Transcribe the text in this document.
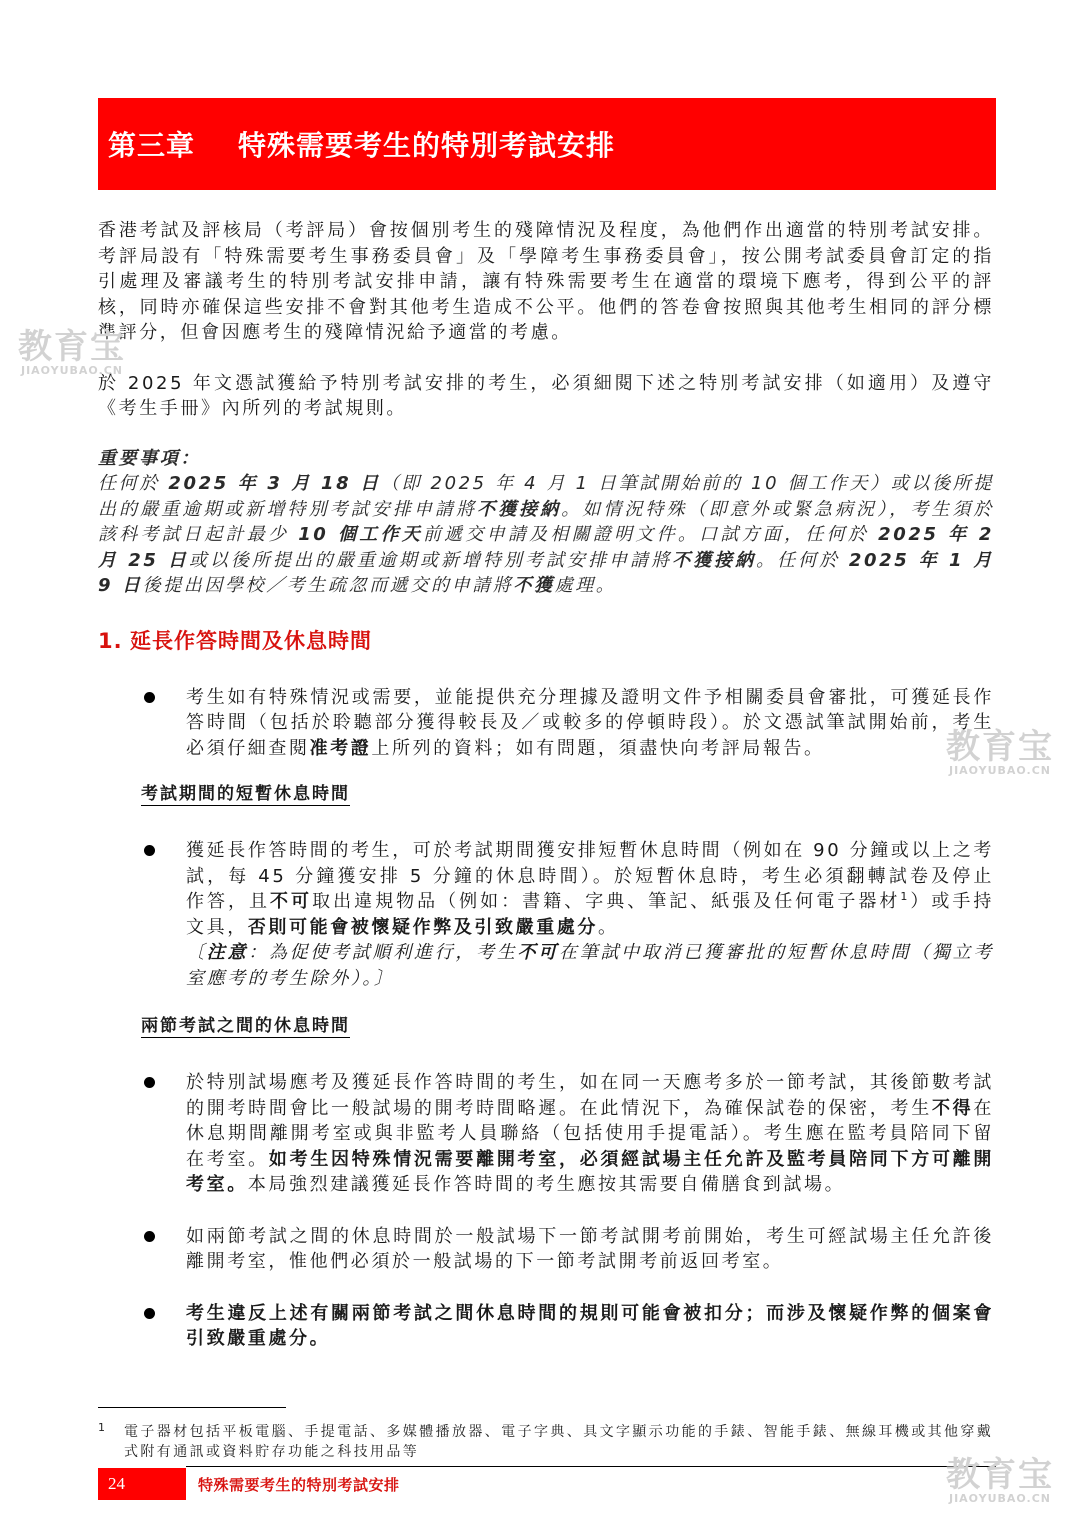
第三章	特殊需要考生的特別考試安排

香港考試及評核局（考評局）會按個別考生的殘障情況及程度，為他們作出適當的特別考試安排。考評局設有「特殊需要考生事務委員會」及「學障考生事務委員會」，按公開考試委員會訂定的指引處理及審議考生的特別考試安排申請，讓有特殊需要考生在適當的環境下應考，得到公平的評核，同時亦確保這些安排不會對其他考生造成不公平。他們的答卷會按照與其他考生相同的評分標準評分，但會因應考生的殘障情況給予適當的考慮。

於 2025 年文憑試獲給予特別考試安排的考生，必須細閱下述之特別考試安排（如適用）及遵守《考生手冊》內所列的考試規則。

重要事項：
任何於 2025 年 3 月 18 日（即 2025 年 4 月 1 日筆試開始前的 10 個工作天）或以後所提出的嚴重逾期或新增特別考試安排申請將不獲接納。如情況特殊（即意外或緊急病況），考生須於該科考試日起計最少 10 個工作天前遞交申請及相關證明文件。口試方面，任何於 2025 年 2 月 25 日或以後所提出的嚴重逾期或新增特別考試安排申請將不獲接納。任何於 2025 年 1 月 9 日後提出因學校／考生疏忽而遞交的申請將不獲處理。

1. 延長作答時間及休息時間

考生如有特殊情況或需要，並能提供充分理據及證明文件予相關委員會審批，可獲延長作答時間（包括於聆聽部分獲得較長及／或較多的停頓時段）。於文憑試筆試開始前，考生必須仔細查閱准考證上所列的資料；如有問題，須盡快向考評局報告。

考試期間的短暫休息時間

獲延長作答時間的考生，可於考試期間獲安排短暫休息時間（例如在 90 分鐘或以上之考試，每 45 分鐘獲安排 5 分鐘的休息時間）。於短暫休息時，考生必須翻轉試卷及停止作答，且不可取出違規物品（例如：書籍、字典、筆記、紙張及任何電子器材$^1$）或手持文具，否則可能會被懷疑作弊及引致嚴重處分。
〔注意：為促使考試順利進行，考生不可在筆試中取消已獲審批的短暫休息時間（獨立考室應考的考生除外）。〕

兩節考試之間的休息時間

於特別試場應考及獲延長作答時間的考生，如在同一天應考多於一節考試，其後節數考試的開考時間會比一般試場的開考時間略遲。在此情況下，為確保試卷的保密，考生不得在休息期間離開考室或與非監考人員聯絡（包括使用手提電話）。考生應在監考員陪同下留在考室。如考生因特殊情況需要離開考室，必須經試場主任允許及監考員陪同下方可離開考室。本局強烈建議獲延長作答時間的考生應按其需要自備膳食到試場。

如兩節考試之間的休息時間於一般試場下一節考試開考前開始，考生可經試場主任允許後離開考室，惟他們必須於一般試場的下一節考試開考前返回考室。

考生違反上述有關兩節考試之間休息時間的規則可能會被扣分；而涉及懷疑作弊的個案會引致嚴重處分。

1 電子器材包括平板電腦、手提電話、多媒體播放器、電子字典、具文字顯示功能的手錶、智能手錶、無線耳機或其他穿戴式附有通訊或資料貯存功能之科技用品等
24	特殊需要考生的特別考試安排
教育宝
JIAOYUBAO.CN
教育宝
JIAOYUBAO.CN
教育宝
JIAOYUBAO.CN
